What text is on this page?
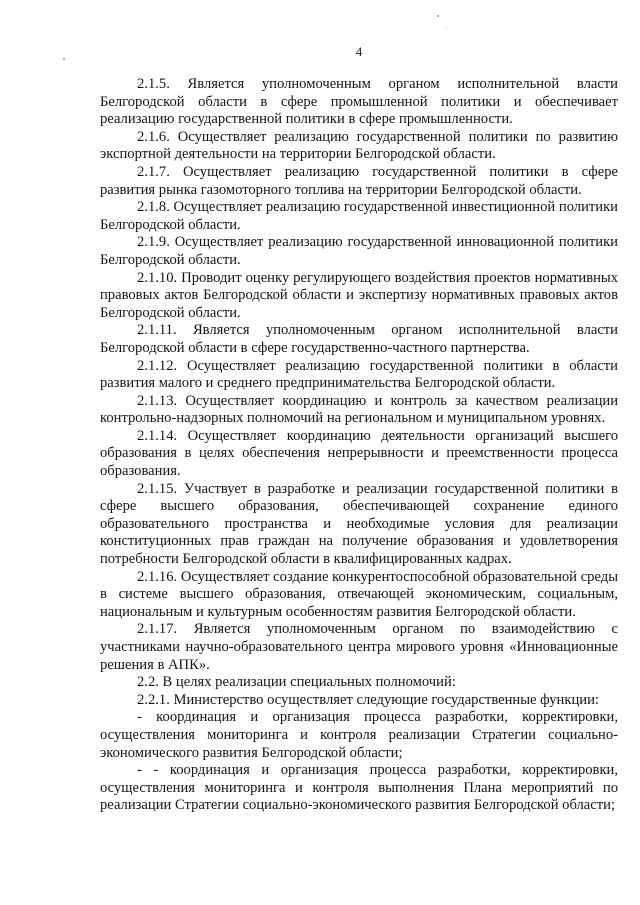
4

2.1.5. Является уполномоченным органом исполнительной власти Белгородской области в сфере промышленной политики и обеспечивает реализацию государственной политики в сфере промышленности.

2.1.6. Осуществляет реализацию государственной политики по развитию экспортной деятельности на территории Белгородской области.

2.1.7. Осуществляет реализацию государственной политики в сфере развития рынка газомоторного топлива на территории Белгородской области.

2.1.8. Осуществляет реализацию государственной инвестиционной политики Белгородской области.

2.1.9. Осуществляет реализацию государственной инновационной политики Белгородской области.

2.1.10. Проводит оценку регулирующего воздействия проектов нормативных правовых актов Белгородской области и экспертизу нормативных правовых актов Белгородской области.

2.1.11. Является уполномоченным органом исполнительной власти Белгородской области в сфере государственно-частного партнерства.

2.1.12. Осуществляет реализацию государственной политики в области развития малого и среднего предпринимательства Белгородской области.

2.1.13. Осуществляет координацию и контроль за качеством реализации контрольно-надзорных полномочий на региональном и муниципальном уровнях.

2.1.14. Осуществляет координацию деятельности организаций высшего образования в целях обеспечения непрерывности и преемственности процесса образования.

2.1.15. Участвует в разработке и реализации государственной политики в сфере высшего образования, обеспечивающей сохранение единого образовательного пространства и необходимые условия для реализации конституционных прав граждан на получение образования и удовлетворения потребности Белгородской области в квалифицированных кадрах.

2.1.16. Осуществляет создание конкурентоспособной образовательной среды в системе высшего образования, отвечающей экономическим, социальным, национальным и культурным особенностям развития Белгородской области.

2.1.17. Является уполномоченным органом по взаимодействию с участниками научно-образовательного центра мирового уровня «Инновационные решения в АПК».

2.2. В целях реализации специальных полномочий:

2.2.1. Министерство осуществляет следующие государственные функции:

- координация и организация процесса разработки, корректировки, осуществления мониторинга и контроля реализации Стратегии социально-экономического развития Белгородской области;

- - координация и организация процесса разработки, корректировки, осуществления мониторинга и контроля выполнения Плана мероприятий по реализации Стратегии социально-экономического развития Белгородской области;
